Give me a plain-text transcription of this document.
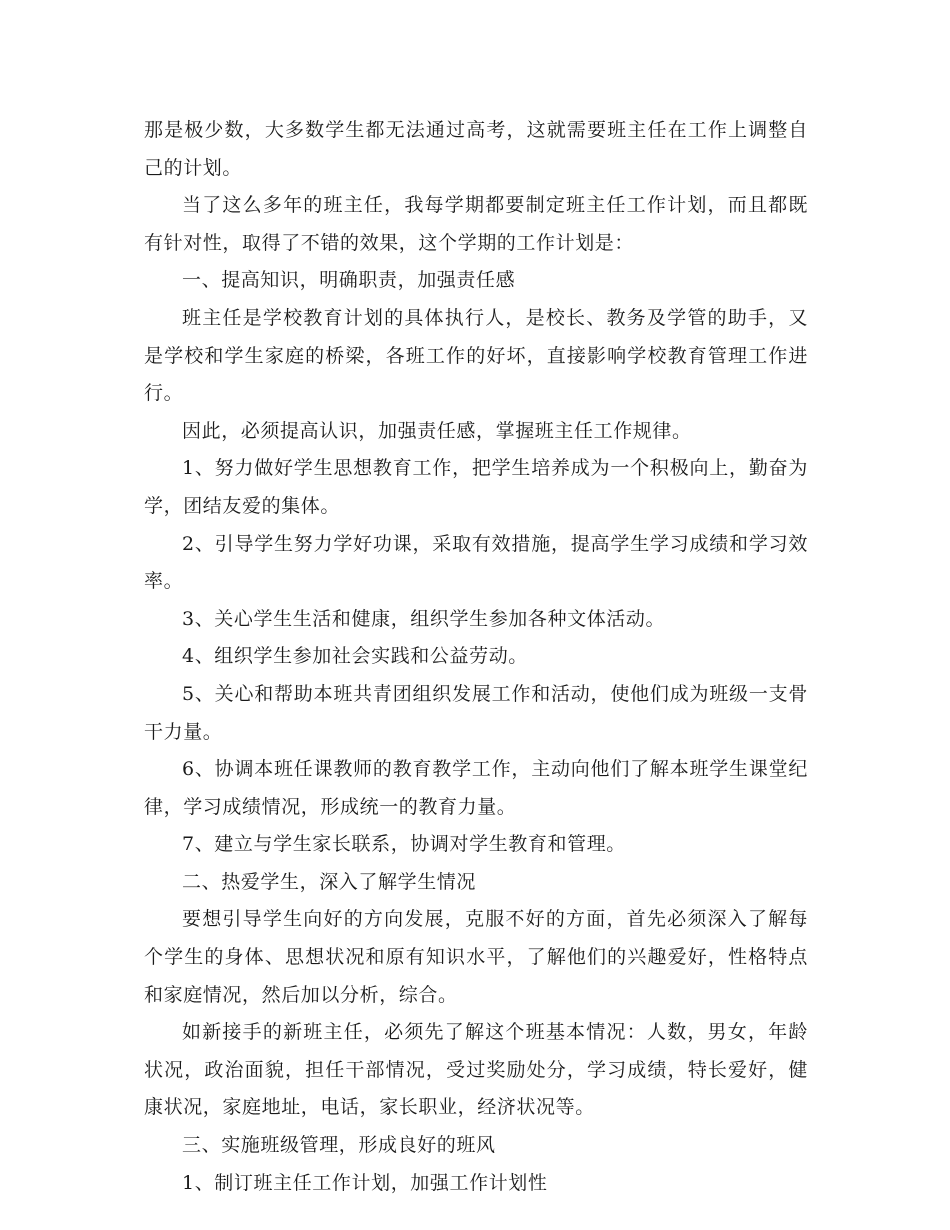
那是极少数，大多数学生都无法通过高考，这就需要班主任在工作上调整自己的计划。

当了这么多年的班主任，我每学期都要制定班主任工作计划，而且都既有针对性，取得了不错的效果，这个学期的工作计划是：

一、提高知识，明确职责，加强责任感

班主任是学校教育计划的具体执行人，是校长、教务及学管的助手，又是学校和学生家庭的桥梁，各班工作的好坏，直接影响学校教育管理工作进行。

因此，必须提高认识，加强责任感，掌握班主任工作规律。

1、努力做好学生思想教育工作，把学生培养成为一个积极向上，勤奋为学，团结友爱的集体。

2、引导学生努力学好功课，采取有效措施，提高学生学习成绩和学习效率。

3、关心学生生活和健康，组织学生参加各种文体活动。

4、组织学生参加社会实践和公益劳动。

5、关心和帮助本班共青团组织发展工作和活动，使他们成为班级一支骨干力量。

6、协调本班任课教师的教育教学工作，主动向他们了解本班学生课堂纪律，学习成绩情况，形成统一的教育力量。

7、建立与学生家长联系，协调对学生教育和管理。

二、热爱学生，深入了解学生情况

要想引导学生向好的方向发展，克服不好的方面，首先必须深入了解每个学生的身体、思想状况和原有知识水平，了解他们的兴趣爱好，性格特点和家庭情况，然后加以分析，综合。

如新接手的新班主任，必须先了解这个班基本情况：人数，男女，年龄状况，政治面貌，担任干部情况，受过奖励处分，学习成绩，特长爱好，健康状况，家庭地址，电话，家长职业，经济状况等。

三、实施班级管理，形成良好的班风

1、制订班主任工作计划，加强工作计划性
